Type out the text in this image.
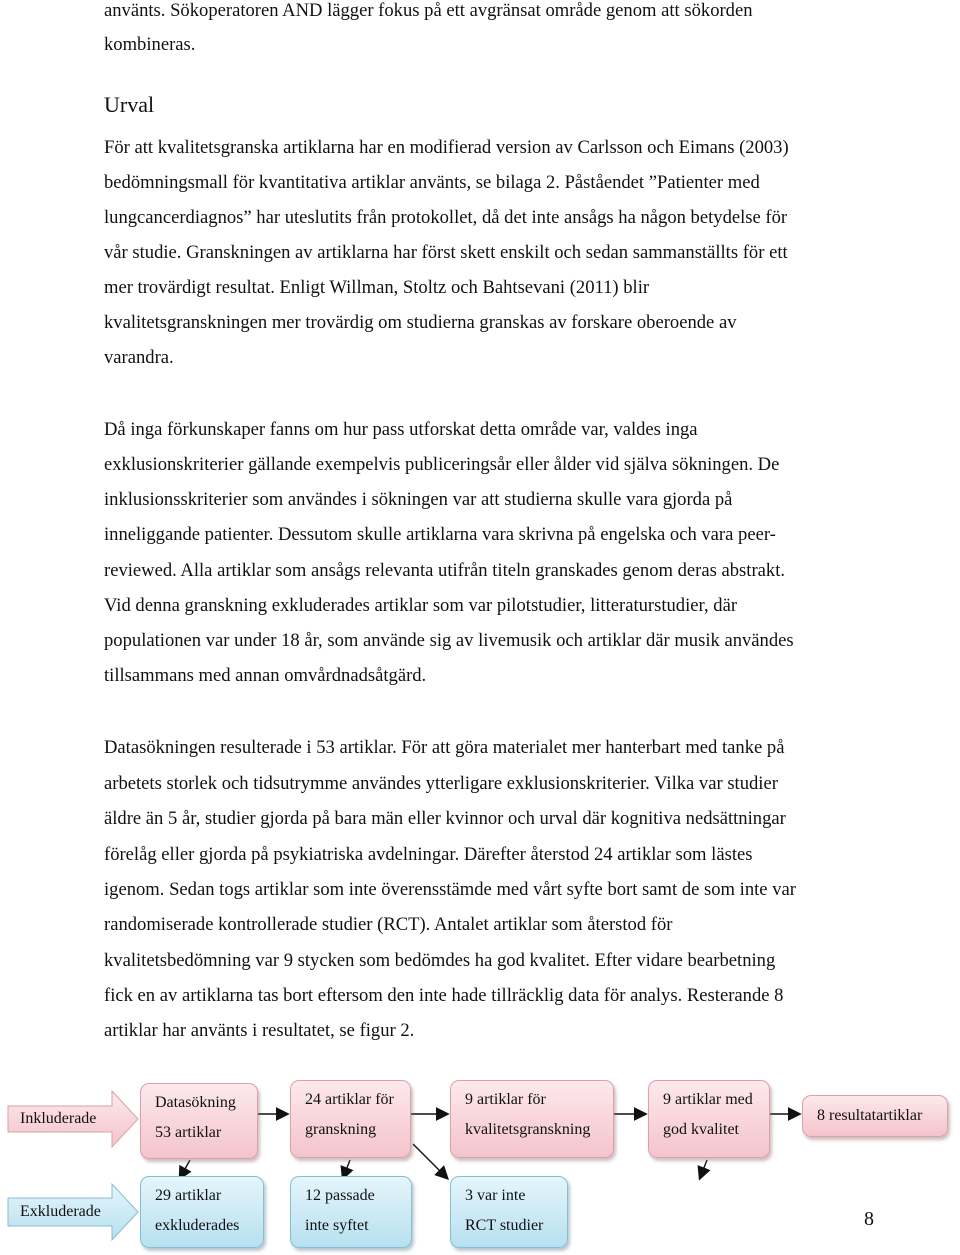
använts. Sökoperatoren AND lägger fokus på ett avgränsat område genom att sökorden
kombineras.
Urval
För att kvalitetsgranska artiklarna har en modifierad version av Carlsson och Eimans (2003)
bedömningsmall för kvantitativa artiklar använts, se bilaga 2. Påståendet ”Patienter med
lungcancerdiagnos” har uteslutits från protokollet, då det inte ansågs ha någon betydelse för
vår studie. Granskningen av artiklarna har först skett enskilt och sedan sammanställts för ett
mer trovärdigt resultat. Enligt Willman, Stoltz och Bahtsevani (2011) blir
kvalitetsgranskningen mer trovärdig om studierna granskas av forskare oberoende av
varandra.
Då inga förkunskaper fanns om hur pass utforskat detta område var, valdes inga
exklusionskriterier gällande exempelvis publiceringsår eller ålder vid själva sökningen. De
inklusionsskriterier som användes i sökningen var att studierna skulle vara gjorda på
inneliggande patienter. Dessutom skulle artiklarna vara skrivna på engelska och vara peer-
reviewed. Alla artiklar som ansågs relevanta utifrån titeln granskades genom deras abstrakt.
Vid denna granskning exkluderades artiklar som var pilotstudier, litteraturstudier, där
populationen var under 18 år, som använde sig av livemusik och artiklar där musik användes
tillsammans med annan omvårdnadsåtgärd.
Datasökningen resulterade i 53 artiklar. För att göra materialet mer hanterbart med tanke på
arbetets storlek och tidsutrymme användes ytterligare exklusionskriterier. Vilka var studier
äldre än 5 år, studier gjorda på bara män eller kvinnor och urval där kognitiva nedsättningar
förelåg eller gjorda på psykiatriska avdelningar. Därefter återstod 24 artiklar som lästes
igenom. Sedan togs artiklar som inte överensstämde med vårt syfte bort samt de som inte var
randomiserade kontrollerade studier (RCT). Antalet artiklar som återstod för
kvalitetsbedömning var 9 stycken som bedömdes ha god kvalitet. Efter vidare bearbetning
fick en av artiklarna tas bort eftersom den inte hade tillräcklig data för analys. Resterande 8
artiklar har använts i resultatet, se figur 2.
Inkluderade
Exkluderade
Datasökning
53 artiklar
24 artiklar för
granskning
9 artiklar för
kvalitetsgranskning
9 artiklar med
god kvalitet
8 resultatartiklar
29 artiklar
exkluderades
12 passade
inte syftet
3 var inte
RCT studier	8
